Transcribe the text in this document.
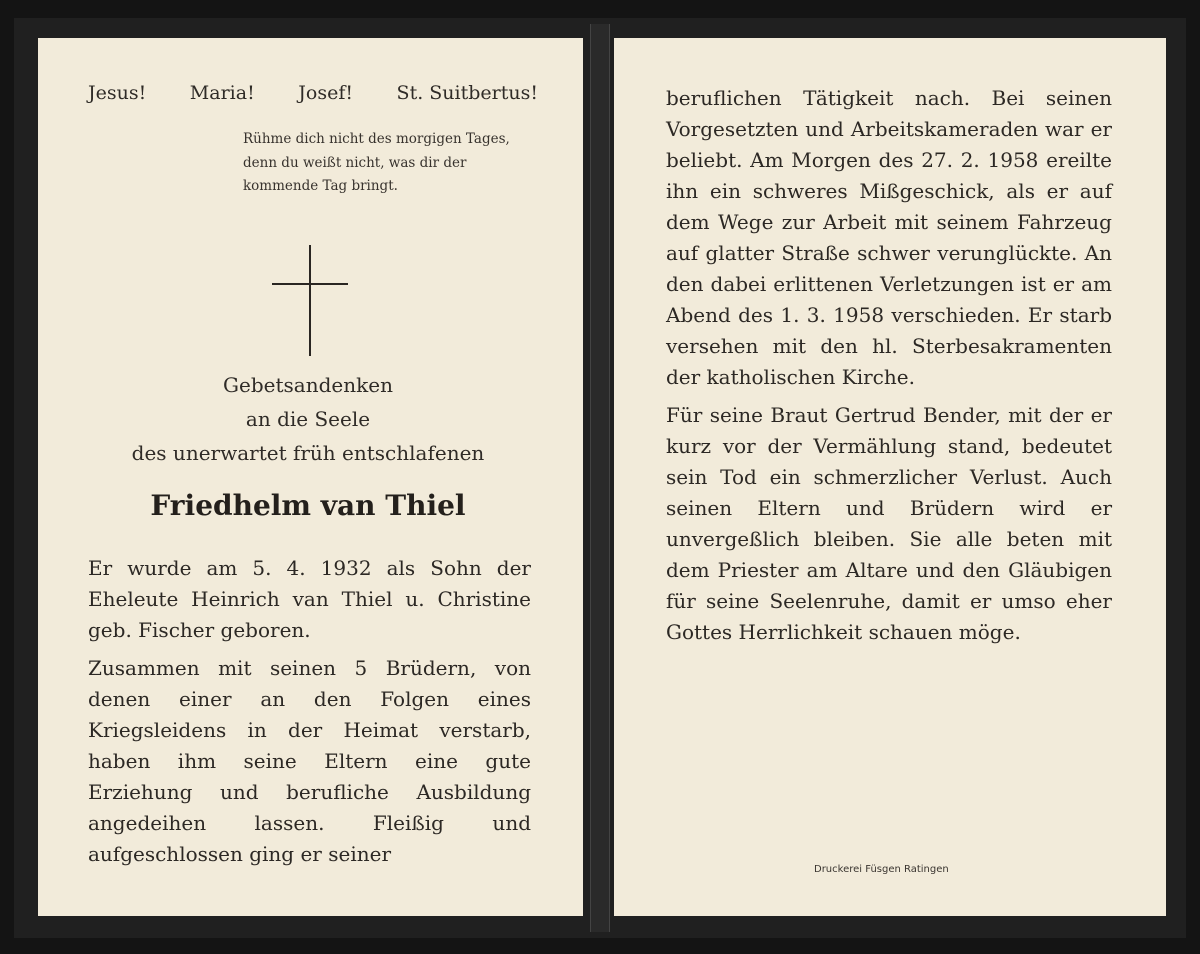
Jesus! Maria! Josef! St. Suitbertus!
Rühme dich nicht des morgigen Tages,
denn du weißt nicht, was dir der
kommende Tag bringt.
Gebetsandenken
an die Seele
des unerwartet früh entschlafenen
Friedhelm van Thiel

Er wurde am 5. 4. 1932 als Sohn der Eheleute Heinrich van Thiel u. Christine geb. Fischer geboren.

Zusammen mit seinen 5 Brüdern, von denen einer an den Folgen eines Kriegsleidens in der Heimat verstarb, haben ihm seine Eltern eine gute Erziehung und berufliche Ausbildung angedeihen lassen. Fleißig und aufgeschlossen ging er seiner

beruflichen Tätigkeit nach. Bei seinen Vorgesetzten und Arbeitskameraden war er beliebt. Am Morgen des 27. 2. 1958 ereilte ihn ein schweres Mißgeschick, als er auf dem Wege zur Arbeit mit seinem Fahrzeug auf glatter Straße schwer verunglückte. An den dabei erlittenen Verletzungen ist er am Abend des 1. 3. 1958 verschieden. Er starb versehen mit den hl. Sterbesakramenten der katholischen Kirche.

Für seine Braut Gertrud Bender, mit der er kurz vor der Vermählung stand, bedeutet sein Tod ein schmerzlicher Verlust. Auch seinen Eltern und Brüdern wird er unvergeßlich bleiben. Sie alle beten mit dem Priester am Altare und den Gläubigen für seine Seelenruhe, damit er umso eher Gottes Herrlichkeit schauen möge.

Druckerei Füsgen Ratingen
